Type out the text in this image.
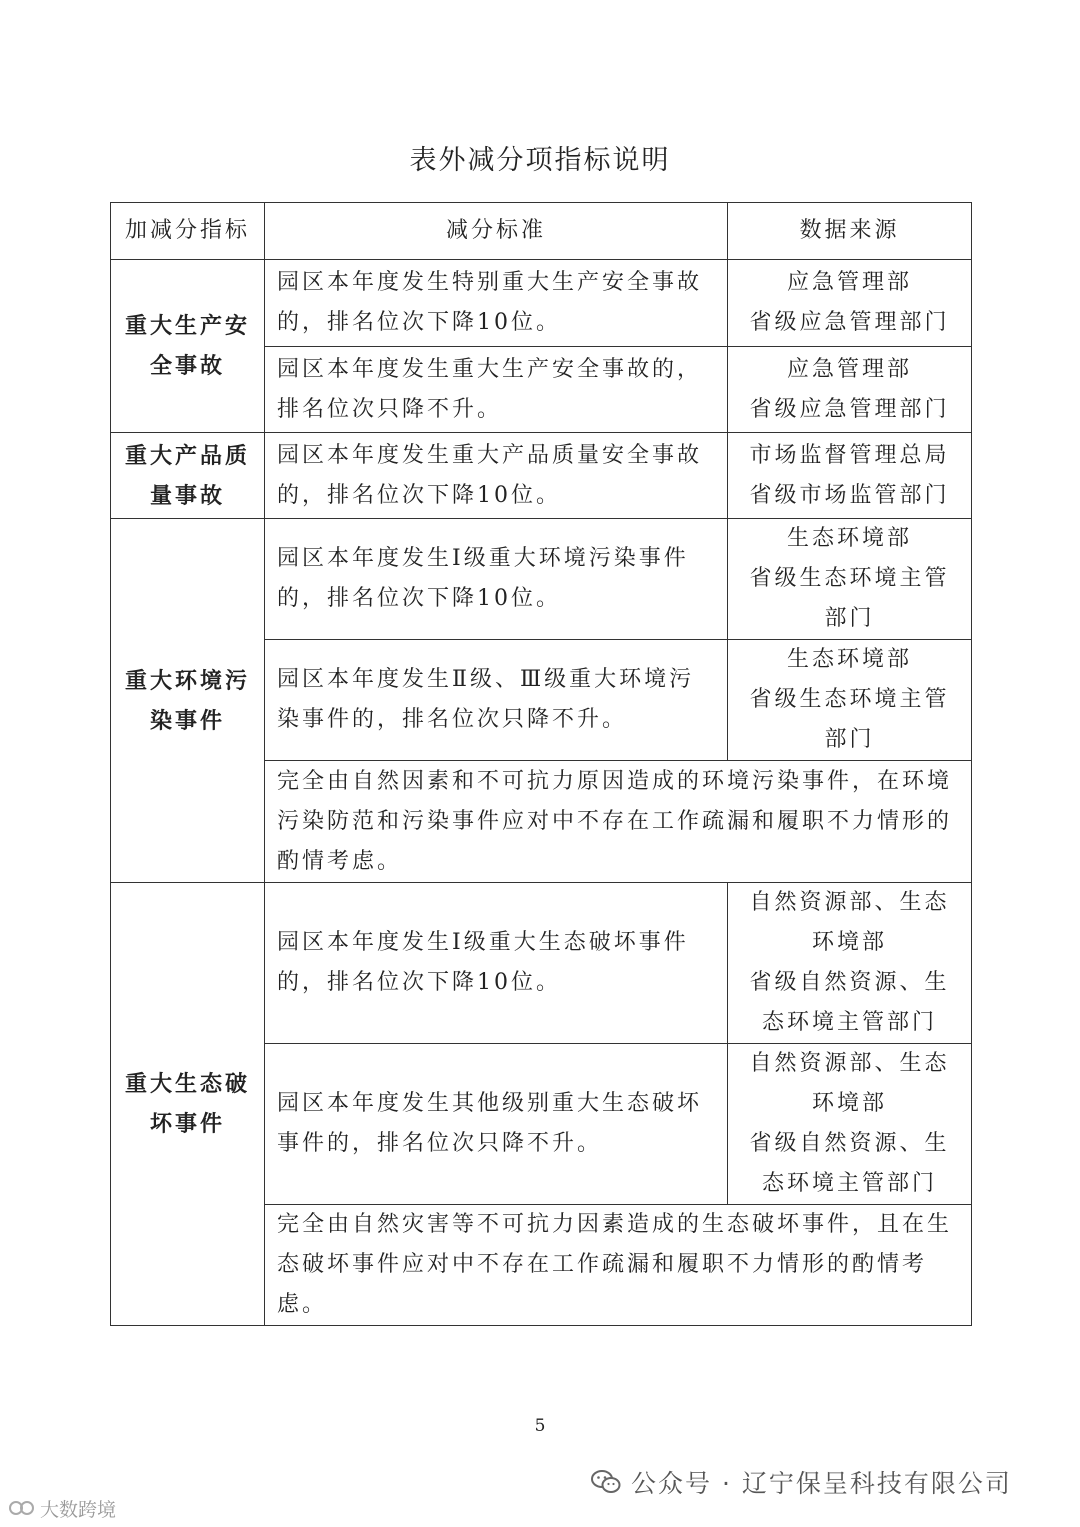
表外减分项指标说明
加减分指标	减分标准	数据来源
重大生产安全事故	园区本年度发生特别重大生产安全事故的，排名位次下降10位。	应急管理部
省级应急管理部门

	园区本年度发生重大生产安全事故的，排名位次只降不升。	应急管理部
省级应急管理部门

重大产品质量事故	园区本年度发生重大产品质量安全事故的，排名位次下降10位。	市场监督管理总局
省级市场监管部门

重大环境污染事件	园区本年度发生Ⅰ级重大环境污染事件的，排名位次下降10位。	生态环境部
省级生态环境主管部门

	园区本年度发生Ⅱ级、Ⅲ级重大环境污染事件的，排名位次只降不升。	生态环境部
省级生态环境主管部门

	完全由自然因素和不可抗力原因造成的环境污染事件，在环境污染防范和污染事件应对中不存在工作疏漏和履职不力情形的酌情考虑。	
重大生态破坏事件	园区本年度发生Ⅰ级重大生态破坏事件的，排名位次下降10位。	自然资源部、生态环境部
省级自然资源、生态环境主管部门

	园区本年度发生其他级别重大生态破坏事件的，排名位次只降不升。	自然资源部、生态环境部
省级自然资源、生态环境主管部门

	完全由自然灾害等不可抗力因素造成的生态破坏事件，且在生态破坏事件应对中不存在工作疏漏和履职不力情形的酌情考虑。	
5
公众号 · 辽宁保呈科技有限公司
大数跨境
